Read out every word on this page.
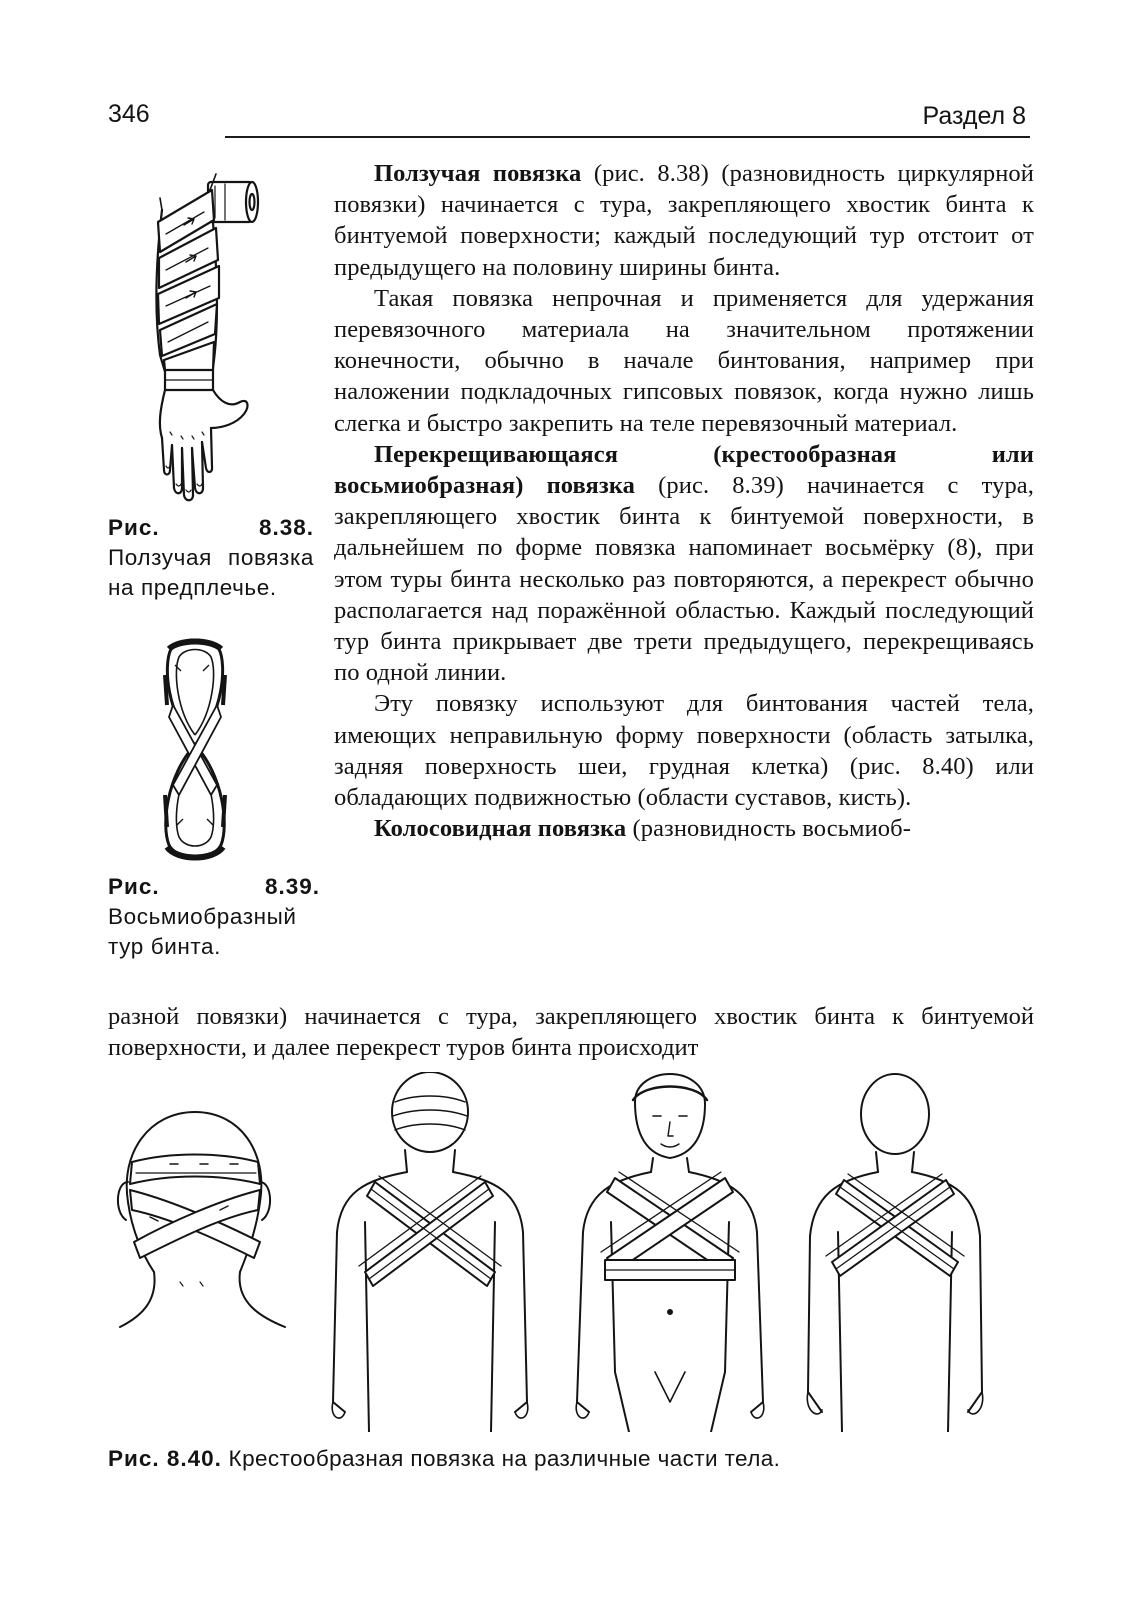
346	Раздел 8
Рис. 8.38. Ползучая повязка на предплечье.
Рис. 8.39. Восьмиобразный тур бинта.

Ползучая повязка (рис. 8.38) (разновидность циркулярной повязки) начинается с тура, закрепляющего хвостик бинта к бинтуемой поверхности; каждый последующий тур отстоит от предыдущего на половину ширины бинта.

Такая повязка непрочная и применяется для удержания перевязочного материала на значительном протяжении конечности, обычно в начале бинтования, например при наложении подкладочных гипсовых повязок, когда нужно лишь слегка и быстро закрепить на теле перевязочный материал.

Перекрещивающаяся (крестообразная или восьмиобразная) повязка (рис. 8.39) начинается с тура, закрепляющего хвостик бинта к бинтуемой поверхности, в дальнейшем по форме повязка напоминает восьмёрку (8), при этом туры бинта несколько раз повторяются, а перекрест обычно располагается над поражённой областью. Каждый последующий тур бинта прикрывает две трети предыдущего, перекрещиваясь по одной линии.

Эту повязку используют для бинтования частей тела, имеющих неправильную форму поверхности (область затылка, задняя поверхность шеи, грудная клетка) (рис. 8.40) или обладающих подвижностью (области суставов, кисть).

Колосовидная повязка (разновидность восьмиоб-

разной повязки) начинается с тура, закрепляющего хвостик бинта к бинтуемой поверхности, и далее перекрест туров бинта происходит
Рис. 8.40. Крестообразная повязка на различные части тела.
